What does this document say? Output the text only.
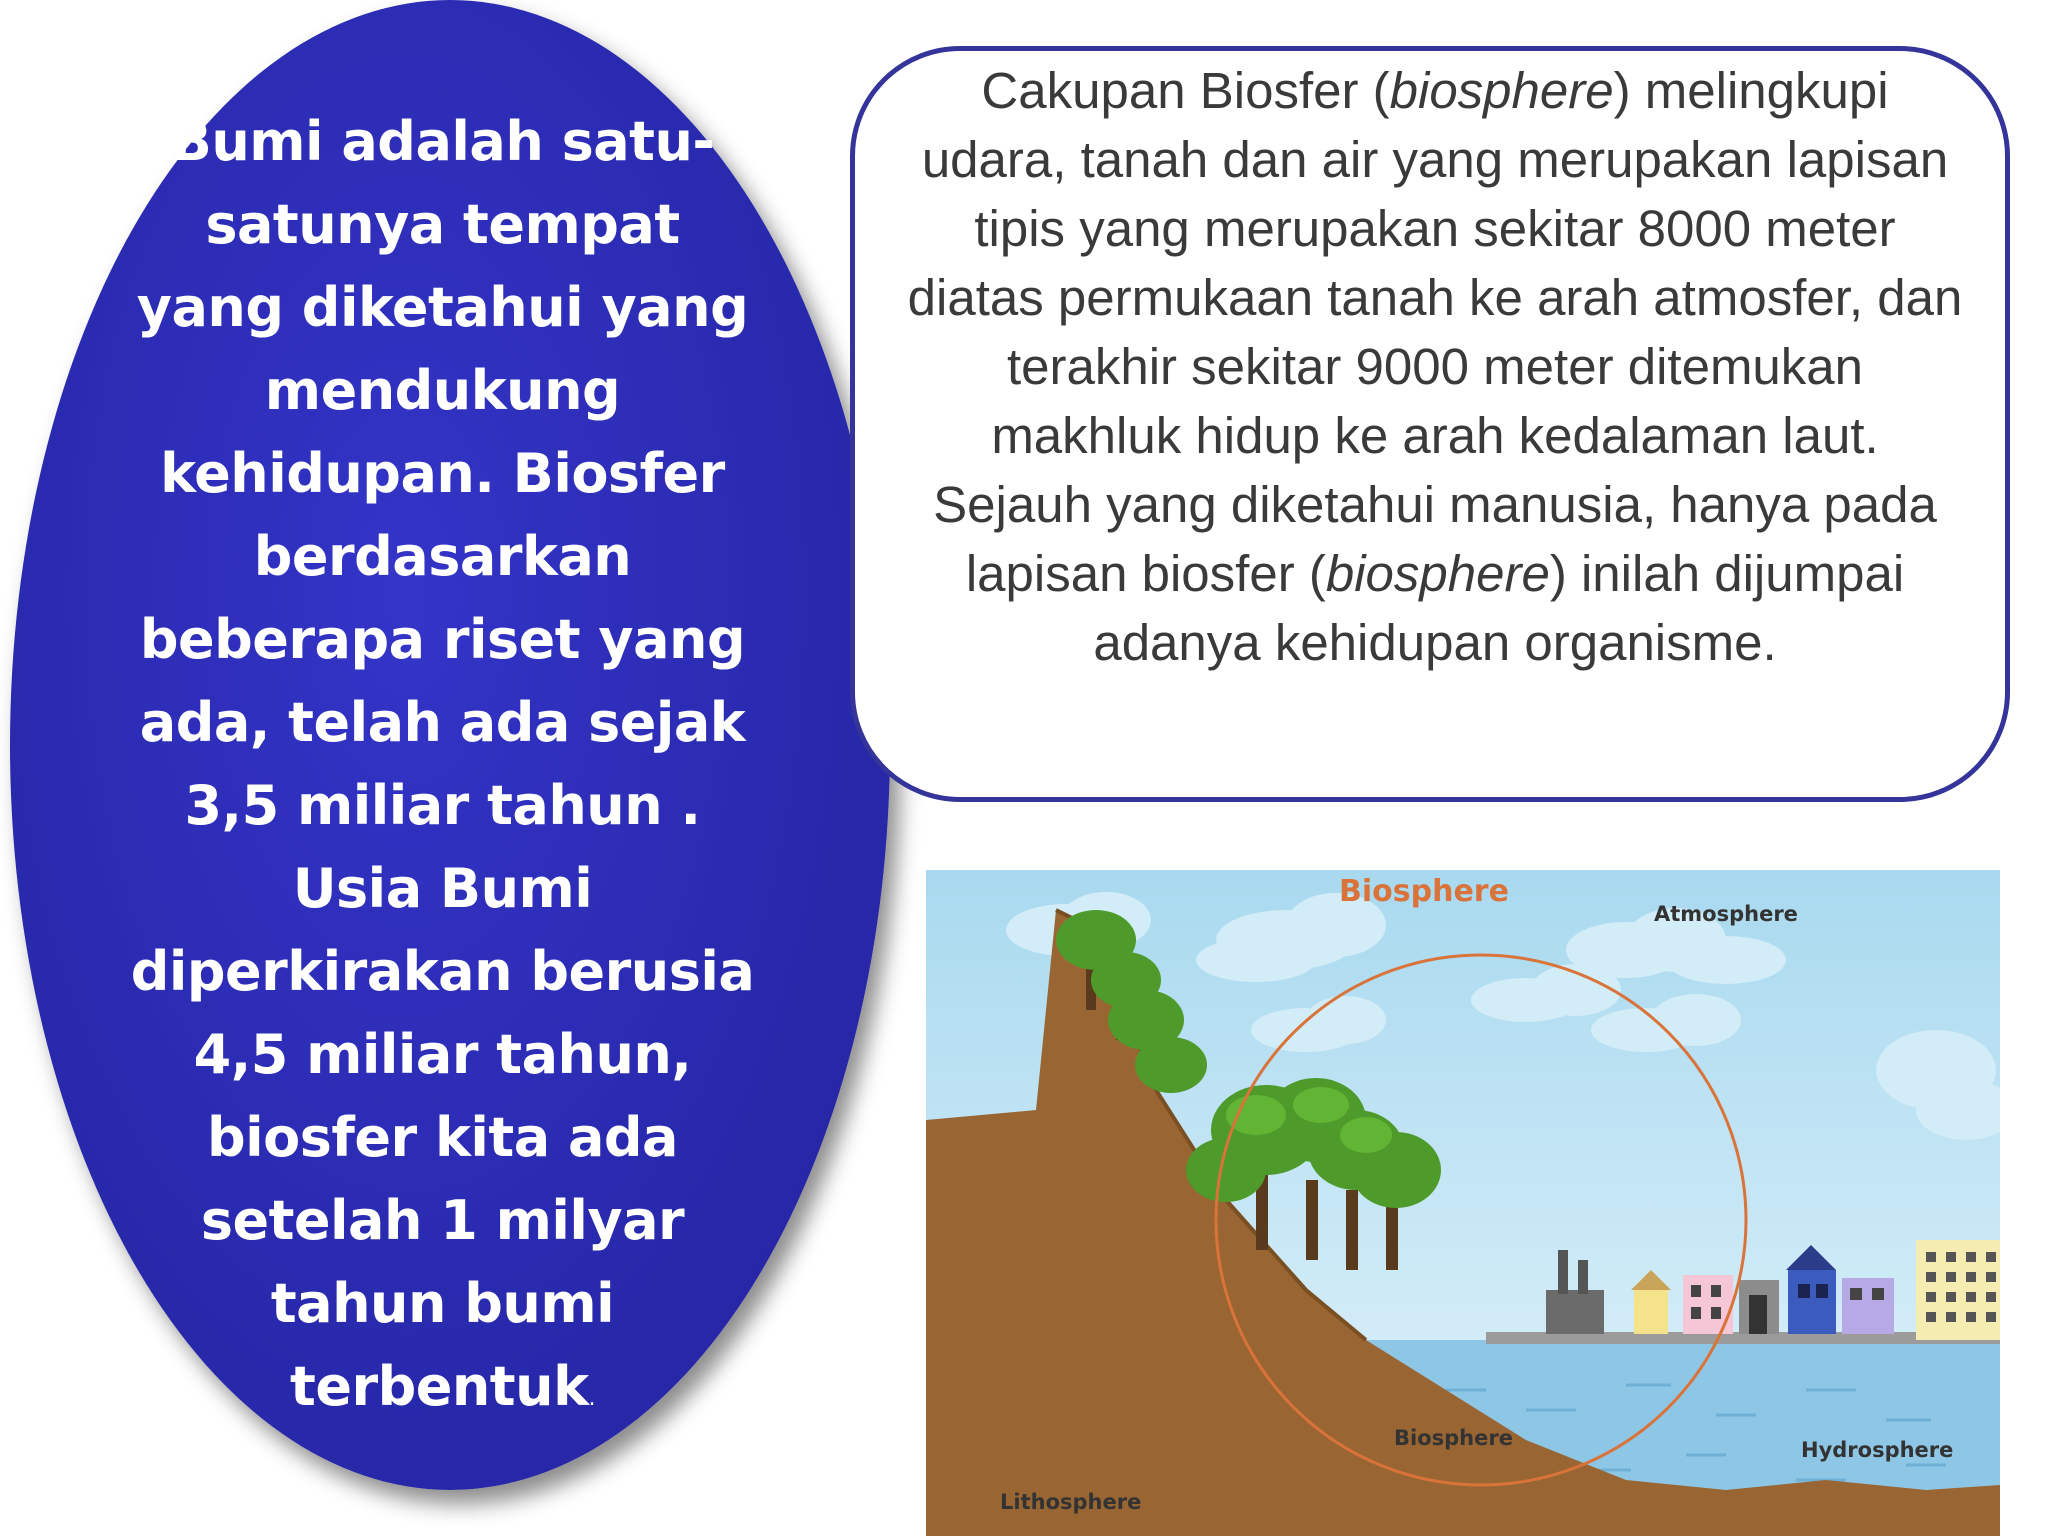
Bumi adalah satu-satunya tempat yang diketahui yang mendukung kehidupan. Biosfer berdasarkan beberapa riset yang ada, telah ada sejak 3,5 miliar tahun . Usia Bumi diperkirakan berusia 4,5 miliar tahun, biosfer kita ada setelah 1 milyar tahun bumi terbentuk.

Cakupan Biosfer (biosphere) melingkupi udara, tanah dan air yang merupakan lapisan tipis yang merupakan sekitar 8000 meter diatas permukaan tanah ke arah atmosfer, dan terakhir sekitar 9000 meter ditemukan makhluk hidup ke arah kedalaman laut. Sejauh yang diketahui manusia, hanya pada lapisan biosfer (biosphere) inilah dijumpai adanya kehidupan organisme.

Biosphere
Atmosphere
Biosphere	Hydrosphere
Lithosphere
